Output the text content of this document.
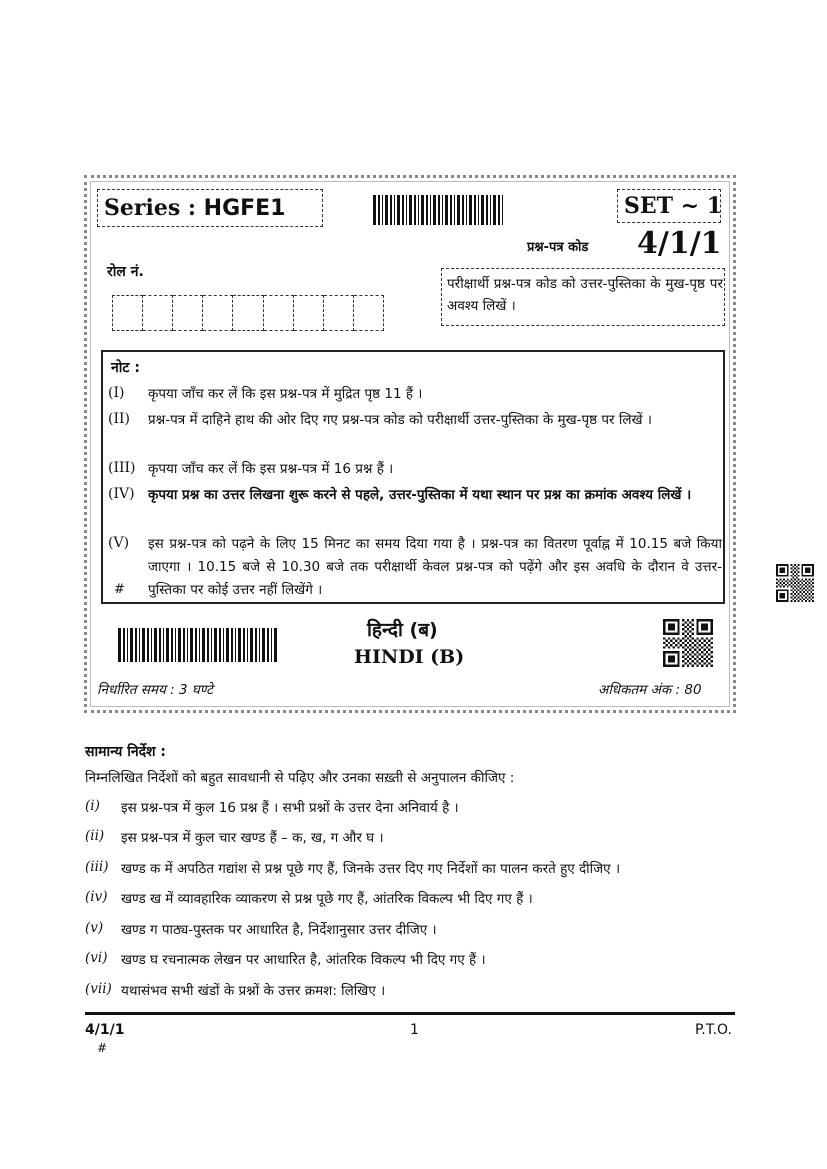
Series : HGFE1	SET ~ 1
प्रश्न-पत्र कोड 4/1/1
रोल नं.
परीक्षार्थी प्रश्न-पत्र कोड को उत्तर-पुस्तिका के मुख-पृष्ठ पर अवश्य लिखें ।
नोट :
(I) कृपया जाँच कर लें कि इस प्रश्न-पत्र में मुद्रित पृष्ठ 11 हैं ।
(II) प्रश्न-पत्र में दाहिने हाथ की ओर दिए गए प्रश्न-पत्र कोड को परीक्षार्थी उत्तर-पुस्तिका के मुख-पृष्ठ पर लिखें ।
(III) कृपया जाँच कर लें कि इस प्रश्न-पत्र में 16 प्रश्न हैं ।
(IV) कृपया प्रश्न का उत्तर लिखना शुरू करने से पहले, उत्तर-पुस्तिका में यथा स्थान पर प्रश्न का क्रमांक अवश्य लिखें ।
(V) इस प्रश्न-पत्र को पढ़ने के लिए 15 मिनट का समय दिया गया है । प्रश्न-पत्र का वितरण पूर्वाह्न में 10.15 बजे किया जाएगा । 10.15 बजे से 10.30 बजे तक परीक्षार्थी केवल प्रश्न-पत्र को पढ़ेंगे और इस अवधि के दौरान वे उत्तर-पुस्तिका पर कोई उत्तर नहीं लिखेंगे ।
#
हिन्दी (ब)
HINDI (B)
निर्धारित समय : 3 घण्टे	अधिकतम अंक : 80
सामान्य निर्देश :
निम्नलिखित निर्देशों को बहुत सावधानी से पढ़िए और उनका सख़्ती से अनुपालन कीजिए :
(i) इस प्रश्न-पत्र में कुल 16 प्रश्न हैं । सभी प्रश्नों के उत्तर देना अनिवार्य है ।
(ii) इस प्रश्न-पत्र में कुल चार खण्ड हैं – क, ख, ग और घ ।
(iii) खण्ड क में अपठित गद्यांश से प्रश्न पूछे गए हैं, जिनके उत्तर दिए गए निर्देशों का पालन करते हुए दीजिए ।
(iv) खण्ड ख में व्यावहारिक व्याकरण से प्रश्न पूछे गए हैं, आंतरिक विकल्प भी दिए गए हैं ।
(v) खण्ड ग पाठ्य-पुस्तक पर आधारित है, निर्देशानुसार उत्तर दीजिए ।
(vi) खण्ड घ रचनात्मक लेखन पर आधारित है, आंतरिक विकल्प भी दिए गए हैं ।
(vii) यथासंभव सभी खंडों के प्रश्नों के उत्तर क्रमश: लिखिए ।
4/1/1
#
1	P.T.O.
